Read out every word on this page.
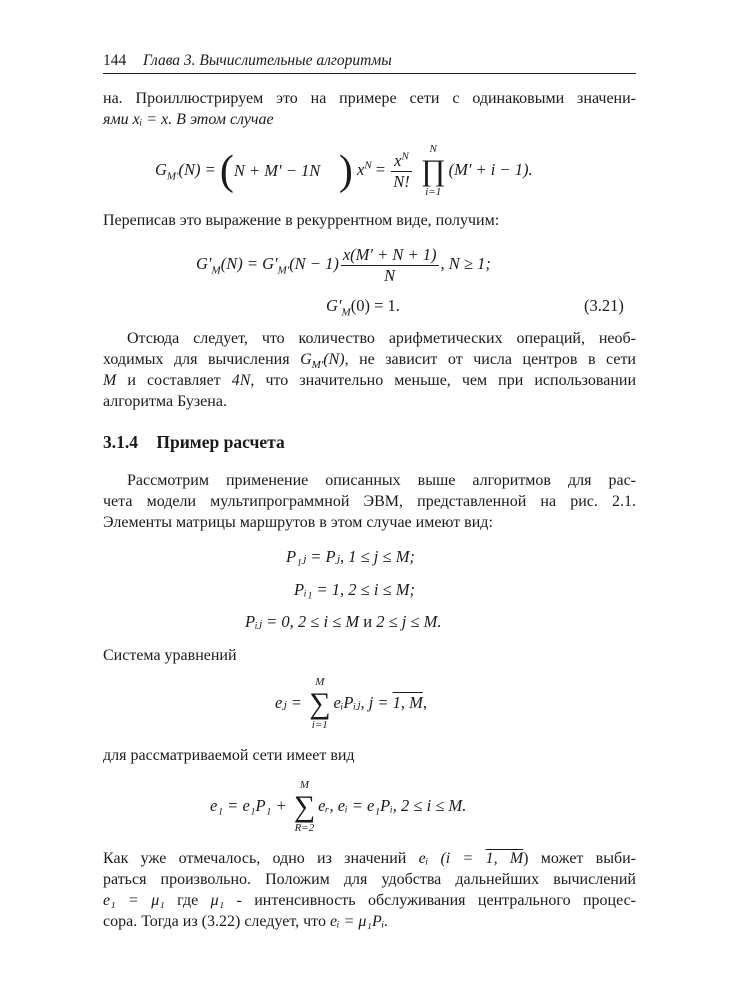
144 Глава 3. Вычислительные алгоритмы
на. Проиллюстрируем это на примере сети с одинаковыми значени-
ями xᵢ = x. В этом случае
$G_{M'}(N) = (N + M' - 1N$ ) $x^N = \frac{x^N}{N!}$

N
∏
i=1
(M′ + i − 1).
Переписав это выражение в рекуррентном виде, получим:
$G'_M(N) = G'_{M'}(N - 1) \frac{x(M' + N + 1)}{N}$ , N ≥ 1;
$G'_M(0) = 1$.	(3.21)
Отсюда следует, что количество арифметических операций, необ-
ходимых для вычисления $G_{M'}(N)$, не зависит от числа центров в сети
M и составляет 4N, что значительно меньше, чем при использовании
алгоритма Бузена.
3.1.4 Пример расчета
Рассмотрим применение описанных выше алгоритмов для рас-
чета модели мультипрограммной ЭВМ, представленной на рис. 2.1.
Элементы матрицы маршрутов в этом случае имеют вид:
P₁ⱼ = Pⱼ, 1 ≤ j ≤ M;
Pᵢ₁ = 1, 2 ≤ i ≤ M;
Pᵢⱼ = 0, 2 ≤ i ≤ M и 2 ≤ j ≤ M.
Система уравнений
eⱼ =
M
∑
i=1
eᵢPᵢⱼ, j = 1, M,
для рассматриваемой сети имеет вид
e₁ = e₁P₁ +
M
∑
R=2
eᵣ, eᵢ = e₁Pᵢ, 2 ≤ i ≤ M.
Как уже отмечалось, одно из значений eᵢ (i = 1, M) может выби-
раться произвольно. Положим для удобства дальнейших вычислений
e₁ = μ₁ где μ₁ - интенсивность обслуживания центрального процес-
сора. Тогда из (3.22) следует, что eᵢ = μ₁Pᵢ.
